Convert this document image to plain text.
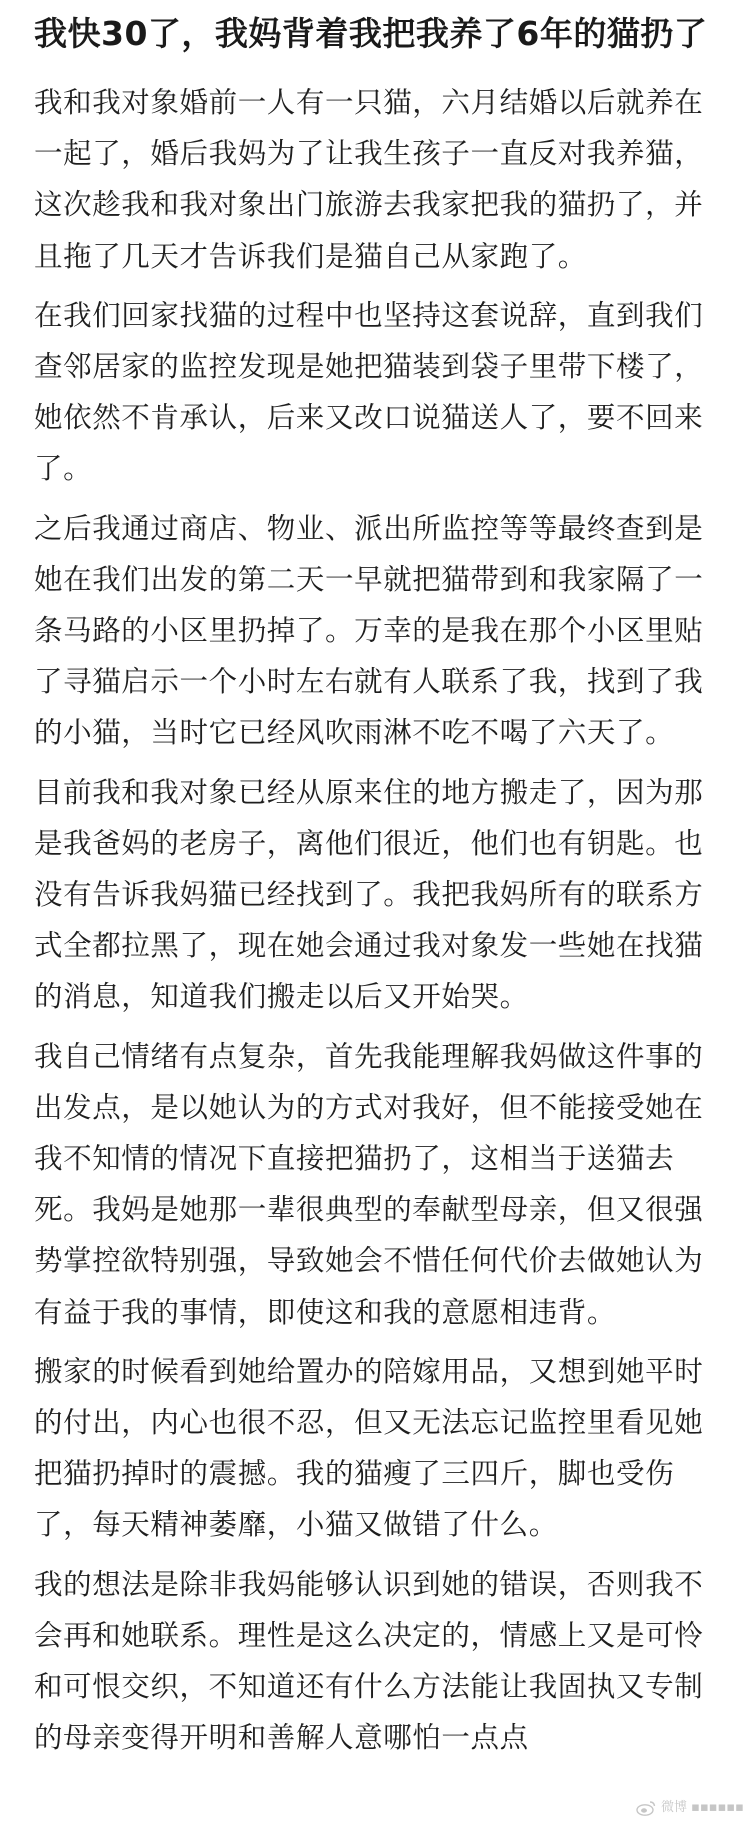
我快30了，我妈背着我把我养了6年的猫扔了

我和我对象婚前一人有一只猫，六月结婚以后就养在一起了，婚后我妈为了让我生孩子一直反对我养猫，这次趁我和我对象出门旅游去我家把我的猫扔了，并且拖了几天才告诉我们是猫自己从家跑了。

在我们回家找猫的过程中也坚持这套说辞，直到我们查邻居家的监控发现是她把猫装到袋子里带下楼了，她依然不肯承认，后来又改口说猫送人了，要不回来了。

之后我通过商店、物业、派出所监控等等最终查到是她在我们出发的第二天一早就把猫带到和我家隔了一条马路的小区里扔掉了。万幸的是我在那个小区里贴了寻猫启示一个小时左右就有人联系了我，找到了我的小猫，当时它已经风吹雨淋不吃不喝了六天了。

目前我和我对象已经从原来住的地方搬走了，因为那是我爸妈的老房子，离他们很近，他们也有钥匙。也没有告诉我妈猫已经找到了。我把我妈所有的联系方式全都拉黑了，现在她会通过我对象发一些她在找猫的消息，知道我们搬走以后又开始哭。

我自己情绪有点复杂，首先我能理解我妈做这件事的出发点，是以她认为的方式对我好，但不能接受她在我不知情的情况下直接把猫扔了，这相当于送猫去死。我妈是她那一辈很典型的奉献型母亲，但又很强势掌控欲特别强，导致她会不惜任何代价去做她认为有益于我的事情，即使这和我的意愿相违背。

搬家的时候看到她给置办的陪嫁用品，又想到她平时的付出，内心也很不忍，但又无法忘记监控里看见她把猫扔掉时的震撼。我的猫瘦了三四斤，脚也受伤了，每天精神萎靡，小猫又做错了什么。

我的想法是除非我妈能够认识到她的错误，否则我不会再和她联系。理性是这么决定的，情感上又是可怜和可恨交织，不知道还有什么方法能让我固执又专制的母亲变得开明和善解人意哪怕一点点

微博 ▪▪▪▪▪▪
